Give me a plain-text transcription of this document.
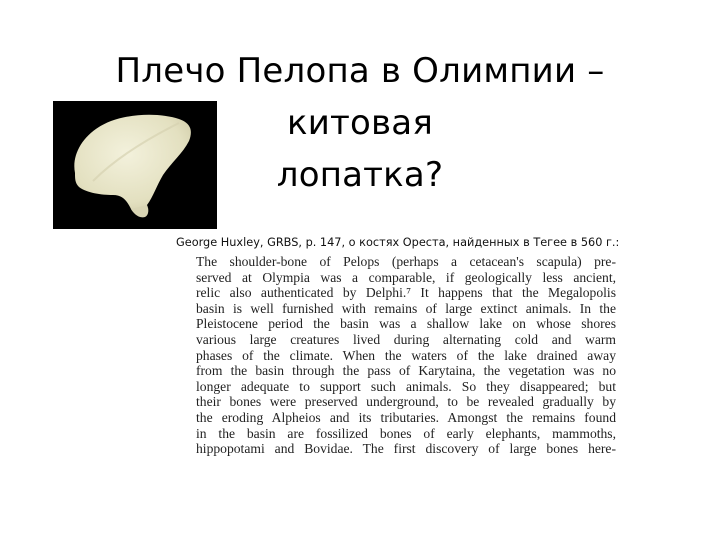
Плечо Пелопа в Олимпии – китовая
лопатка?
George Huxley, GRBS, p. 147, о костях Ореста, найденных в Тегее в 560 г.:
The shoulder-bone of Pelops (perhaps a cetacean's scapula) pre-
served at Olympia was a comparable, if geologically less ancient,
relic also authenticated by Delphi.⁷ It happens that the Megalopolis
basin is well furnished with remains of large extinct animals. In the
Pleistocene period the basin was a shallow lake on whose shores
various large creatures lived during alternating cold and warm
phases of the climate. When the waters of the lake drained away
from the basin through the pass of Karytaina, the vegetation was no
longer adequate to support such animals. So they disappeared; but
their bones were preserved underground, to be revealed gradually by
the eroding Alpheios and its tributaries. Amongst the remains found
in the basin are fossilized bones of early elephants, mammoths,
hippopotami and Bovidae. The first discovery of large bones here-
